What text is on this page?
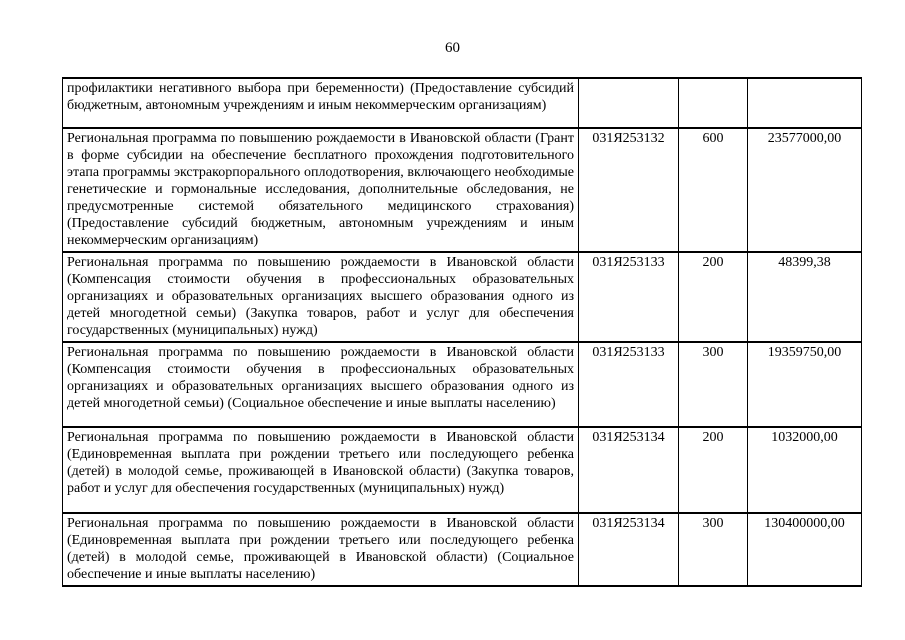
60
профилактики негативного выбора при беременности) (Предоставление субсидий бюджетным, автономным учреждениям и иным некоммерческим организациям)			
Региональная программа по повышению рождаемости в Ивановской области (Грант в форме субсидии на обеспечение бесплатного прохождения подготовительного этапа программы экстракорпорального оплодотворения, включающего необходимые генетические и гормональные исследования, дополнительные обследования, не предусмотренные системой обязательного медицинского страхования) (Предоставление субсидий бюджетным, автономным учреждениям и иным некоммерческим организациям)	031Я253132	600	23577000,00
Региональная программа по повышению рождаемости в Ивановской области (Компенсация стоимости обучения в профессиональных образовательных организациях и образовательных организациях высшего образования одного из детей многодетной семьи) (Закупка товаров, работ и услуг для обеспечения государственных (муниципальных) нужд)	031Я253133	200	48399,38
Региональная программа по повышению рождаемости в Ивановской области (Компенсация стоимости обучения в профессиональных образовательных организациях и образовательных организациях высшего образования одного из детей многодетной семьи) (Социальное обеспечение и иные выплаты населению)	031Я253133	300	19359750,00
Региональная программа по повышению рождаемости в Ивановской области (Единовременная выплата при рождении третьего или последующего ребенка (детей) в молодой семье, проживающей в Ивановской области) (Закупка товаров, работ и услуг для обеспечения государственных (муниципальных) нужд)	031Я253134	200	1032000,00
Региональная программа по повышению рождаемости в Ивановской области (Единовременная выплата при рождении третьего или последующего ребенка (детей) в молодой семье, проживающей в Ивановской области) (Социальное обеспечение и иные выплаты населению)	031Я253134	300	130400000,00
